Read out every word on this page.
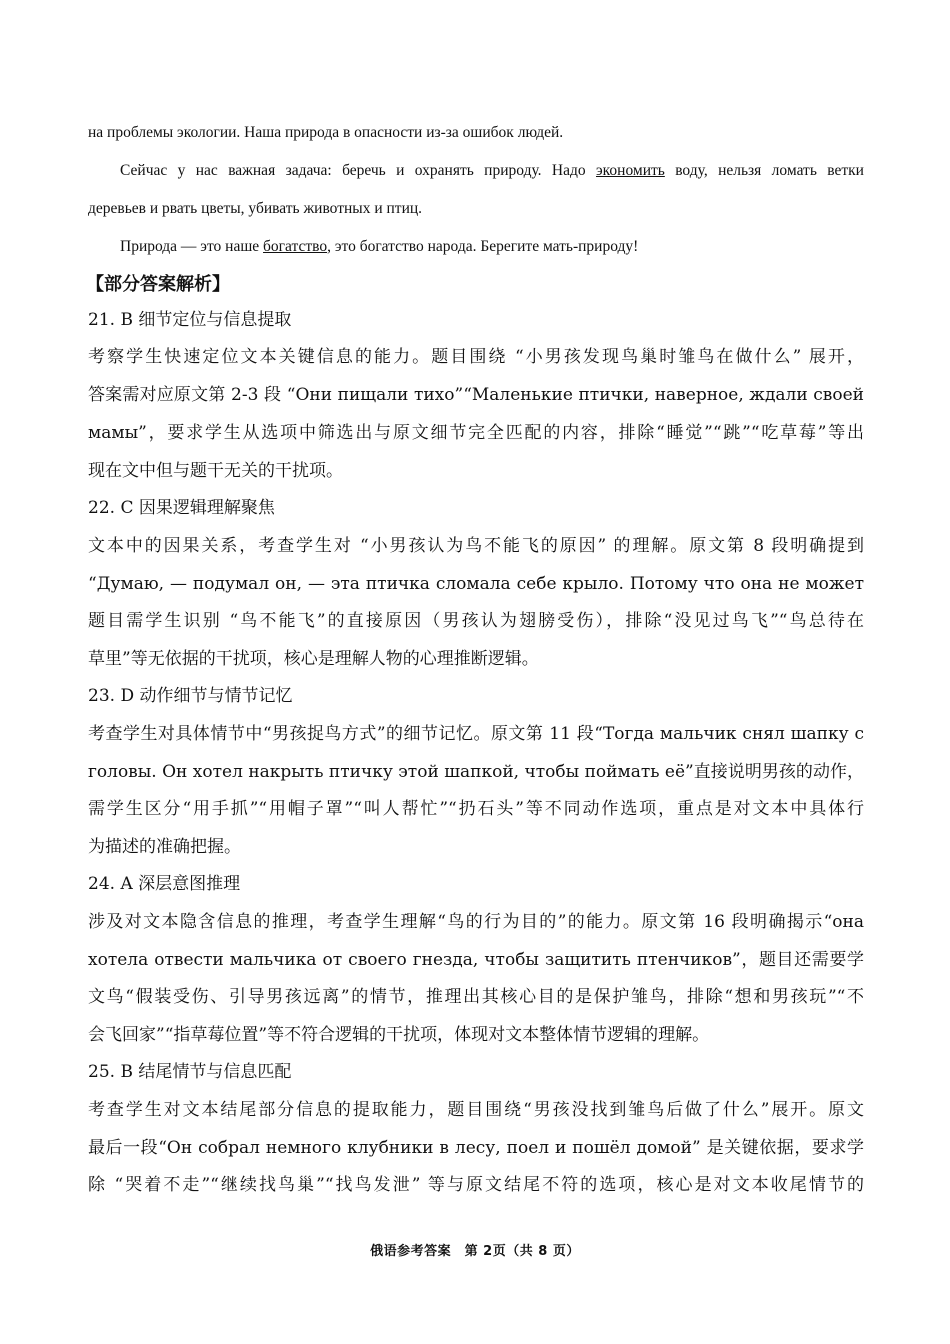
на проблемы экологии. Наша природа в опасности из-за ошибок людей.
Сейчас у нас важная задача: беречь и охранять природу. Надо экономить воду, нельзя ломать ветки
деревьев и рвать цветы, убивать животных и птиц.
Природа — это наше богатство, это богатство народа. Берегите мать-природу!
【部分答案解析】
21. B 细节定位与信息提取
考察学生快速定位文本关键信息的能力。题目围绕 “小男孩发现鸟巢时雏鸟在做什么” 展开，
答案需对应原文第 2-3 段 “Они пищали тихо”“Маленькие птички, наверное, ждали своей
мамы”，要求学生从选项中筛选出与原文细节完全匹配的内容，排除“睡觉”“跳”“吃草莓”等出
现在文中但与题干无关的干扰项。
22. C 因果逻辑理解聚焦
文本中的因果关系，考查学生对 “小男孩认为鸟不能飞的原因” 的理解。原文第 8 段明确提到
“Думаю, — подумал он, — эта птичка сломала себе крыло. Потому что она не может
题目需学生识别 “鸟不能飞”的直接原因（男孩认为翅膀受伤），排除“没见过鸟飞”“鸟总待在
草里”等无依据的干扰项，核心是理解人物的心理推断逻辑。
23. D 动作细节与情节记忆
考查学生对具体情节中“男孩捉鸟方式”的细节记忆。原文第 11 段“Тогда мальчик снял шапку с
головы. Он хотел накрыть птичку этой шапкой, чтобы поймать её”直接说明男孩的动作，
需学生区分“用手抓”“用帽子罩”“叫人帮忙”“扔石头”等不同动作选项，重点是对文本中具体行
为描述的准确把握。
24. A 深层意图推理
涉及对文本隐含信息的推理，考查学生理解“鸟的行为目的”的能力。原文第 16 段明确揭示“она
хотела отвести мальчика от своего гнезда, чтобы защитить птенчиков”，题目还需要学
文鸟“假装受伤、引导男孩远离”的情节，推理出其核心目的是保护雏鸟，排除“想和男孩玩”“不
会飞回家”“指草莓位置”等不符合逻辑的干扰项，体现对文本整体情节逻辑的理解。
25. B 结尾情节与信息匹配
考查学生对文本结尾部分信息的提取能力，题目围绕“男孩没找到雏鸟后做了什么”展开。原文
最后一段“Он собрал немного клубники в лесу, поел и пошёл домой” 是关键依据，要求学
除 “哭着不走”“继续找鸟巢”“找鸟发泄” 等与原文结尾不符的选项，核心是对文本收尾情节的
俄语参考答案　第 2页（共 8 页）
